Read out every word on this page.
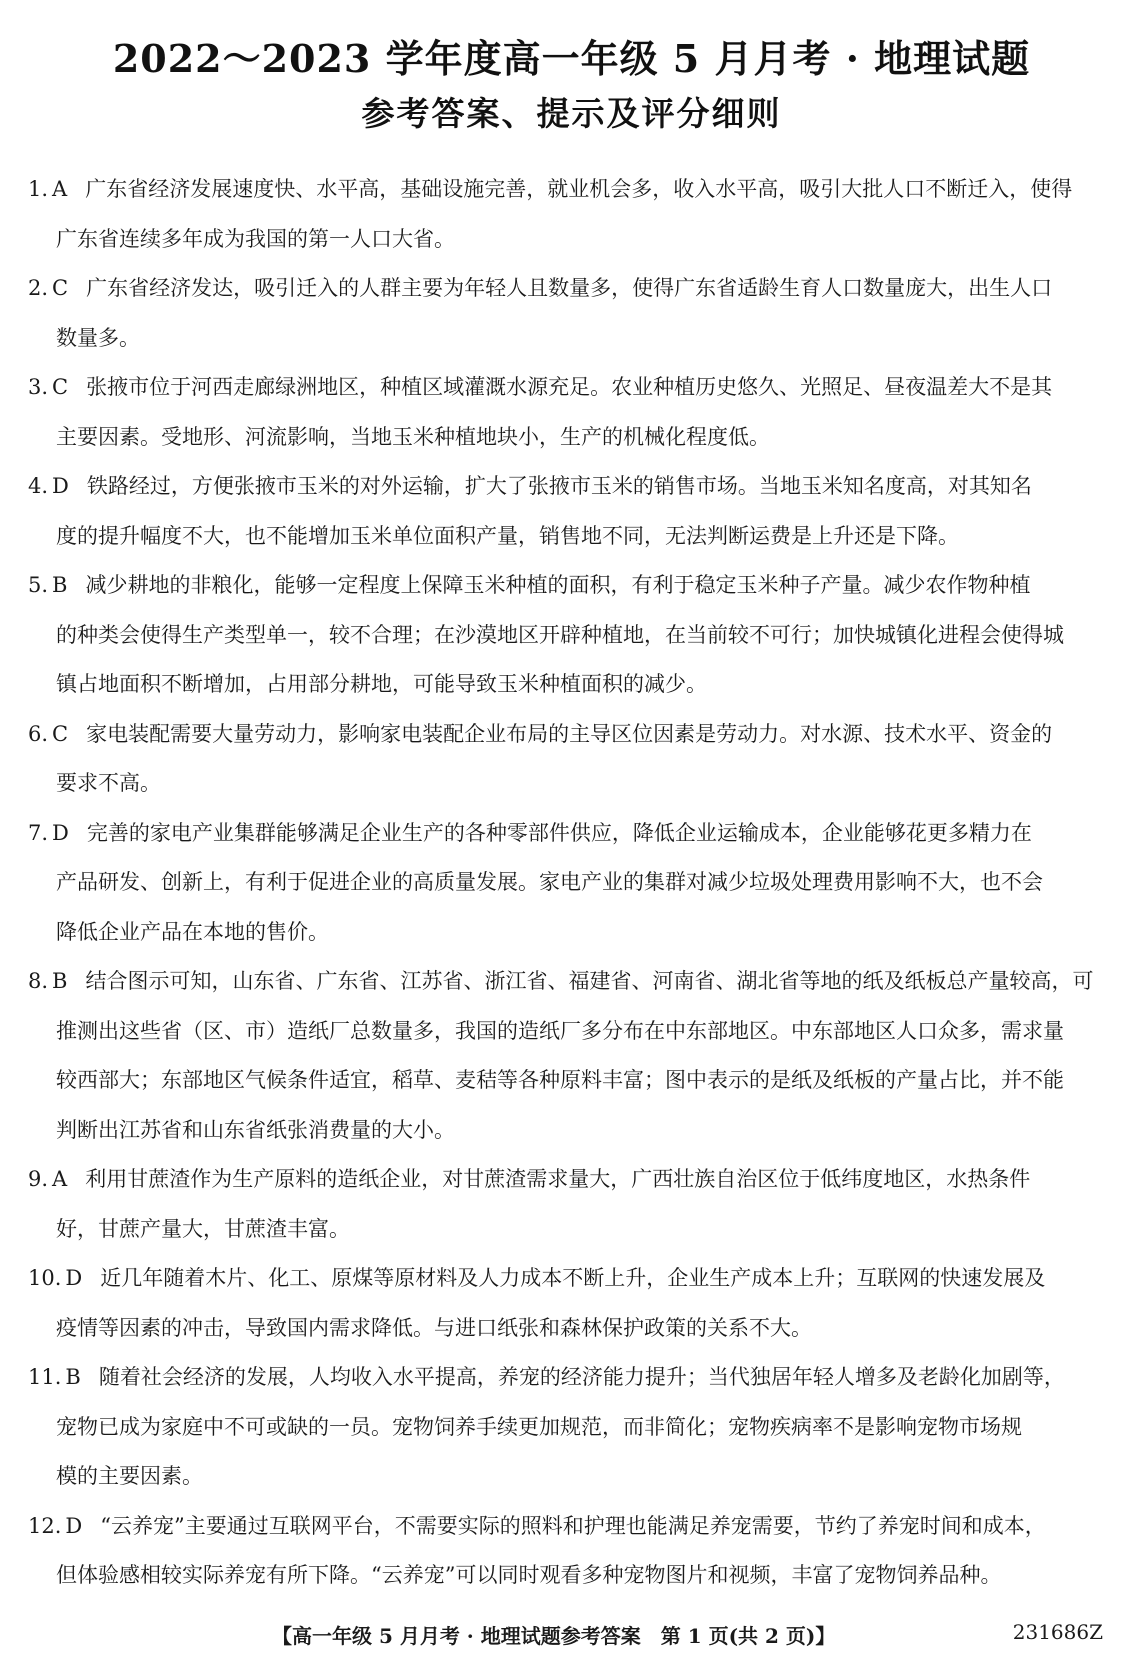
2022～2023 学年度高一年级 5 月月考 · 地理试题
参考答案、提示及评分细则
1. A 广东省经济发展速度快、水平高，基础设施完善，就业机会多，收入水平高，吸引大批人口不断迁入，使得
广东省连续多年成为我国的第一人口大省。
2. C 广东省经济发达，吸引迁入的人群主要为年轻人且数量多，使得广东省适龄生育人口数量庞大，出生人口
数量多。
3. C 张掖市位于河西走廊绿洲地区，种植区域灌溉水源充足。农业种植历史悠久、光照足、昼夜温差大不是其
主要因素。受地形、河流影响，当地玉米种植地块小，生产的机械化程度低。
4. D 铁路经过，方便张掖市玉米的对外运输，扩大了张掖市玉米的销售市场。当地玉米知名度高，对其知名
度的提升幅度不大，也不能增加玉米单位面积产量，销售地不同，无法判断运费是上升还是下降。
5. B 减少耕地的非粮化，能够一定程度上保障玉米种植的面积，有利于稳定玉米种子产量。减少农作物种植
的种类会使得生产类型单一，较不合理；在沙漠地区开辟种植地，在当前较不可行；加快城镇化进程会使得城
镇占地面积不断增加，占用部分耕地，可能导致玉米种植面积的减少。
6. C 家电装配需要大量劳动力，影响家电装配企业布局的主导区位因素是劳动力。对水源、技术水平、资金的
要求不高。
7. D 完善的家电产业集群能够满足企业生产的各种零部件供应，降低企业运输成本，企业能够花更多精力在
产品研发、创新上，有利于促进企业的高质量发展。家电产业的集群对减少垃圾处理费用影响不大，也不会
降低企业产品在本地的售价。
8. B 结合图示可知，山东省、广东省、江苏省、浙江省、福建省、河南省、湖北省等地的纸及纸板总产量较高，可
推测出这些省（区、市）造纸厂总数量多，我国的造纸厂多分布在中东部地区。中东部地区人口众多，需求量
较西部大；东部地区气候条件适宜，稻草、麦秸等各种原料丰富；图中表示的是纸及纸板的产量占比，并不能
判断出江苏省和山东省纸张消费量的大小。
9. A 利用甘蔗渣作为生产原料的造纸企业，对甘蔗渣需求量大，广西壮族自治区位于低纬度地区，水热条件
好，甘蔗产量大，甘蔗渣丰富。
10. D 近几年随着木片、化工、原煤等原材料及人力成本不断上升，企业生产成本上升；互联网的快速发展及
疫情等因素的冲击，导致国内需求降低。与进口纸张和森林保护政策的关系不大。
11. B 随着社会经济的发展，人均收入水平提高，养宠的经济能力提升；当代独居年轻人增多及老龄化加剧等，
宠物已成为家庭中不可或缺的一员。宠物饲养手续更加规范，而非简化；宠物疾病率不是影响宠物市场规
模的主要因素。
12. D “云养宠”主要通过互联网平台，不需要实际的照料和护理也能满足养宠需要，节约了养宠时间和成本，
但体验感相较实际养宠有所下降。“云养宠”可以同时观看多种宠物图片和视频，丰富了宠物饲养品种。
【高一年级 5 月月考 · 地理试题参考答案　第 1 页(共 2 页)】	231686Z
